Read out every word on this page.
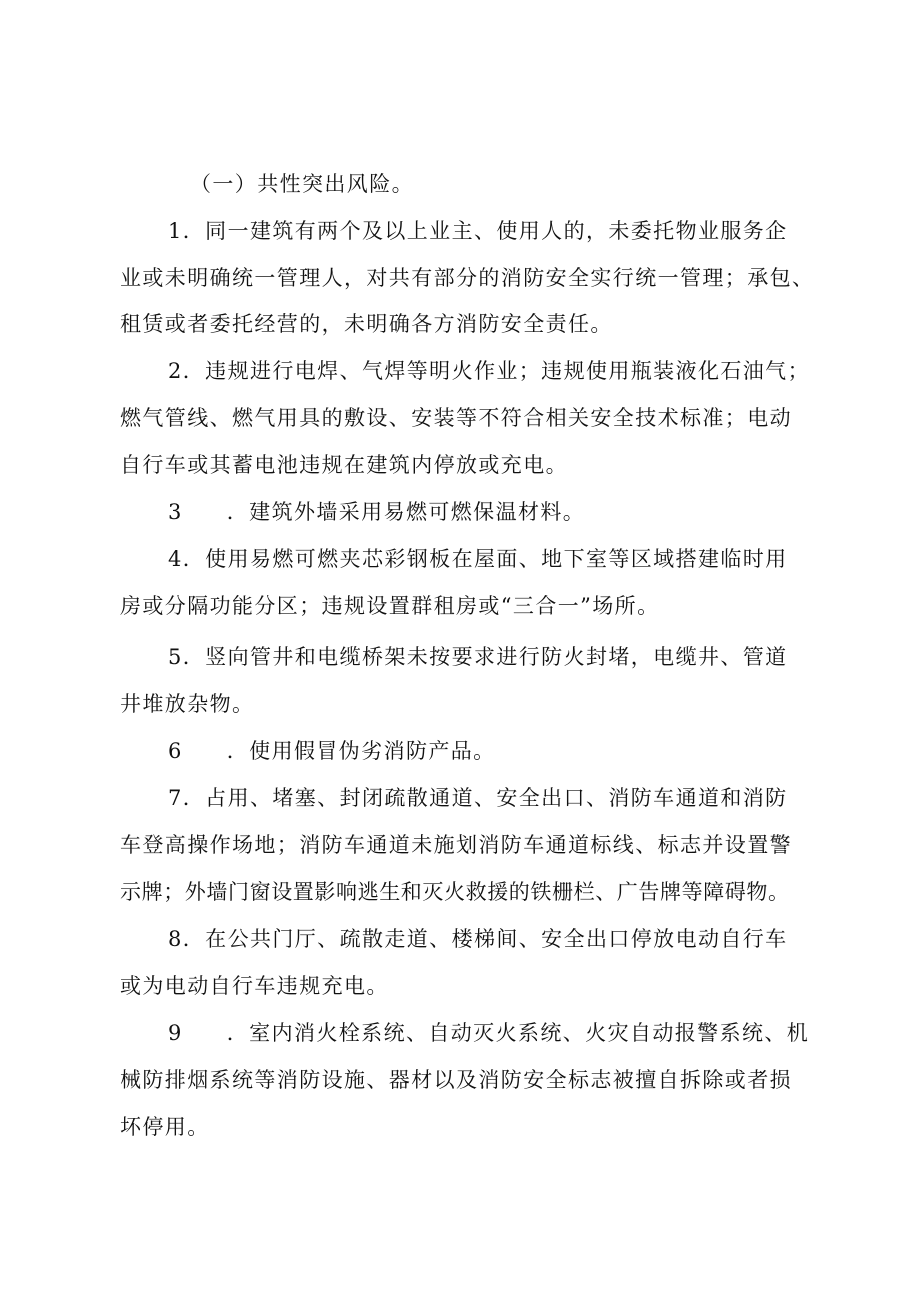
（一）共性突出风险。
1．同一建筑有两个及以上业主、使用人的，未委托物业服务企
业或未明确统一管理人，对共有部分的消防安全实行统一管理；承包、
租赁或者委托经营的，未明确各方消防安全责任。
2．违规进行电焊、气焊等明火作业；违规使用瓶装液化石油气；
燃气管线、燃气用具的敷设、安装等不符合相关安全技术标准；电动
自行车或其蓄电池违规在建筑内停放或充电。
3 ．建筑外墙采用易燃可燃保温材料。
4．使用易燃可燃夹芯彩钢板在屋面、地下室等区域搭建临时用
房或分隔功能分区；违规设置群租房或“三合一”场所。
5．竖向管井和电缆桥架未按要求进行防火封堵，电缆井、管道
井堆放杂物。
6 ．使用假冒伪劣消防产品。
7．占用、堵塞、封闭疏散通道、安全出口、消防车通道和消防
车登高操作场地；消防车通道未施划消防车通道标线、标志并设置警
示牌；外墙门窗设置影响逃生和灭火救援的铁栅栏、广告牌等障碍物。
8．在公共门厅、疏散走道、楼梯间、安全出口停放电动自行车
或为电动自行车违规充电。
9 ．室内消火栓系统、自动灭火系统、火灾自动报警系统、机
械防排烟系统等消防设施、器材以及消防安全标志被擅自拆除或者损
坏停用。
